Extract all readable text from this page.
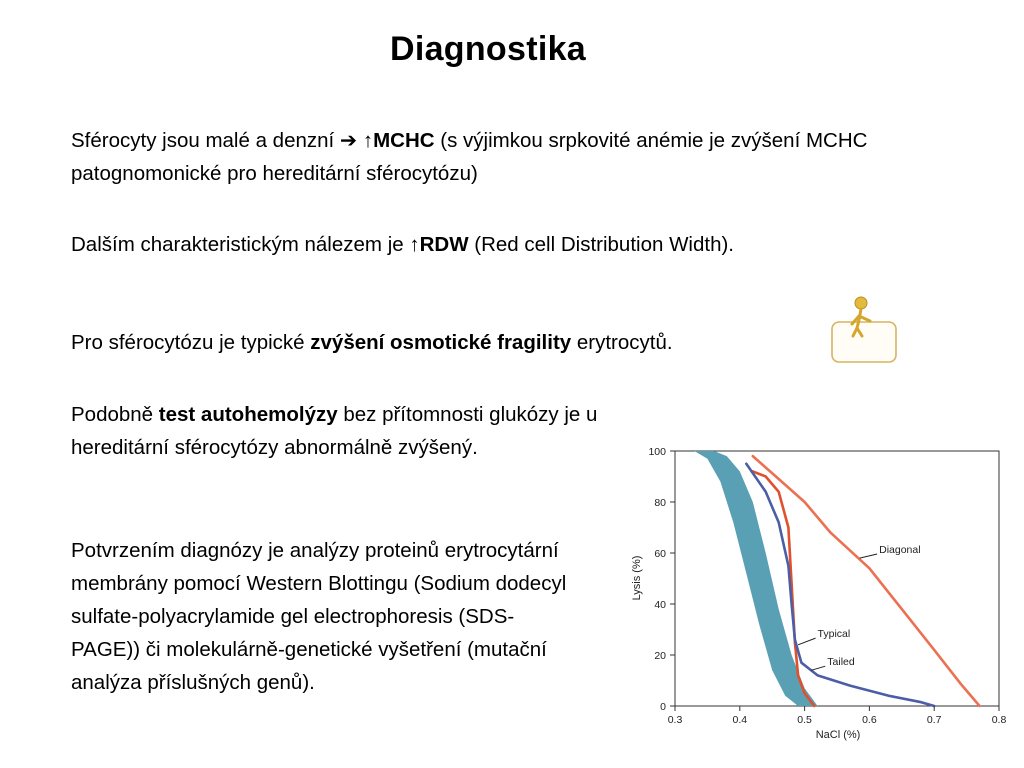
Diagnostika
Sférocyty jsou malé a denzní ➔ ↑MCHC (s výjimkou srpkovité anémie je zvýšení MCHC patognomonické pro hereditární sférocytózu)
Dalším charakteristickým nálezem je ↑RDW (Red cell Distribution Width).
Pro sférocytózu je typické zvýšení osmotické fragility erytrocytů.
Podobně test autohemolýzy bez přítomnosti glukózy je u hereditární sférocytózy abnormálně zvýšený.
Potvrzením diagnózy je analýzy proteinů erytrocytární membrány pomocí Western Blottingu (Sodium dodecyl sulfate-polyacrylamide gel electrophoresis (SDS-PAGE)) či molekulárně-genetické vyšetření (mutační analýza příslušných genů).
Diagonal
Typical
Tailed
0.3	0.4	0.5	0.6	0.7	0.8
0
20
40
60
80
100
NaCl (%)
Lysis (%)
